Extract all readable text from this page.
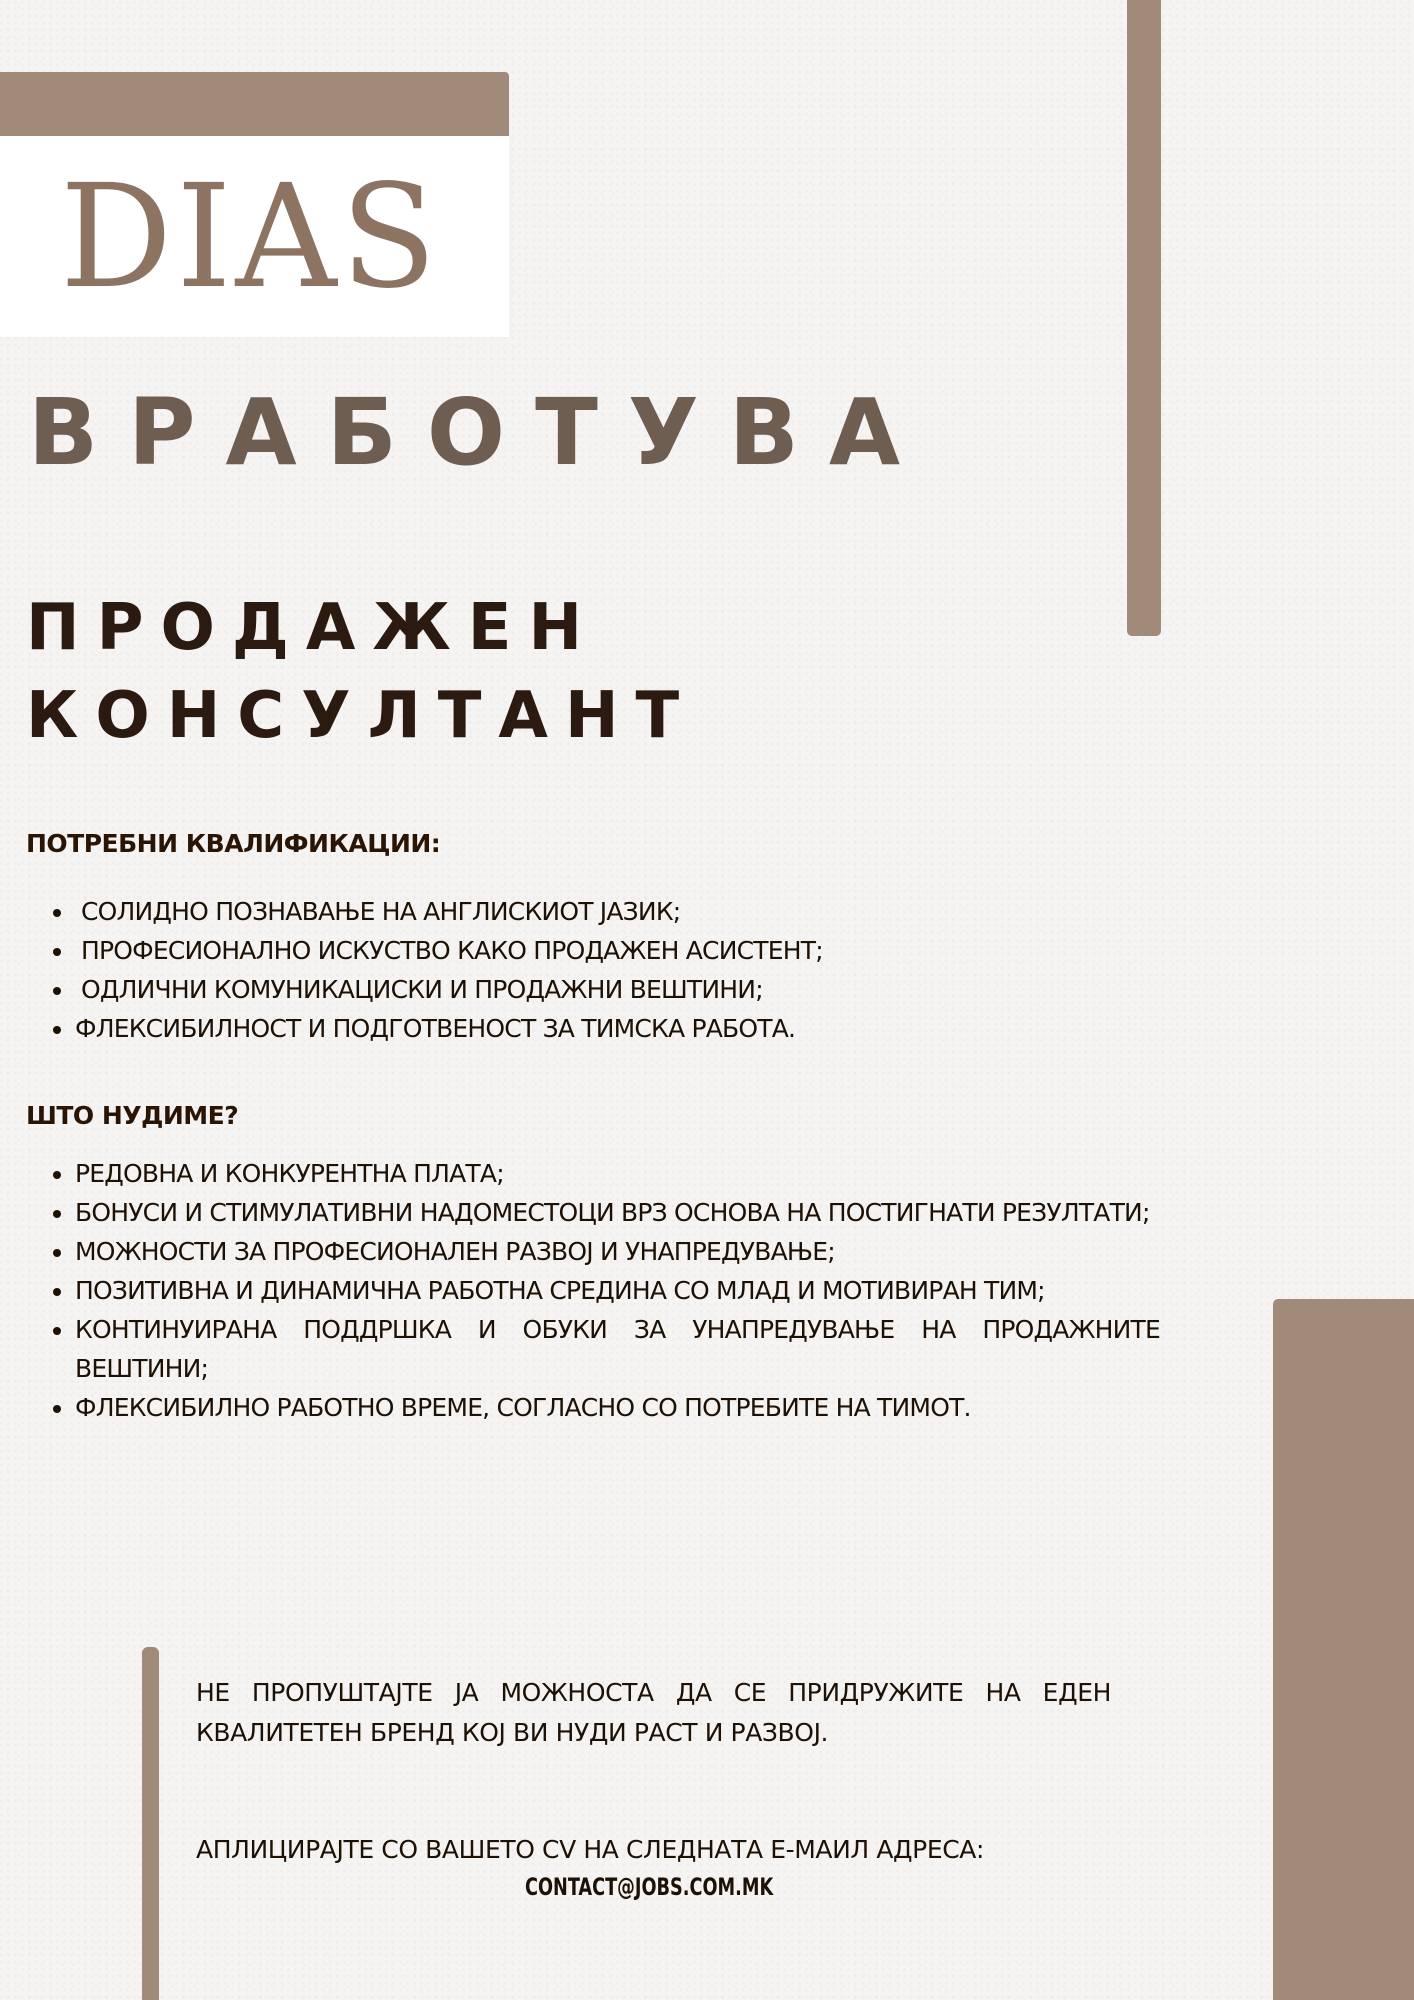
DIAS
ВРАБОТУВА
ПРОДАЖЕН
КОНСУЛТАНТ
ПОТРЕБНИ КВАЛИФИКАЦИИ:
• СОЛИДНО ПОЗНАВАЊЕ НА АНГЛИСКИОТ ЈАЗИК;
• ПРОФЕСИОНАЛНО ИСКУСТВО КАКО ПРОДАЖЕН АСИСТЕНТ;
• ОДЛИЧНИ КОМУНИКАЦИСКИ И ПРОДАЖНИ ВЕШТИНИ;
• ФЛЕКСИБИЛНОСТ И ПОДГОТВЕНОСТ ЗА ТИМСКА РАБОТА.
ШТО НУДИМЕ?
• РЕДОВНА И КОНКУРЕНТНА ПЛАТА;
• БОНУСИ И СТИМУЛАТИВНИ НАДОМЕСТОЦИ ВРЗ ОСНОВА НА ПОСТИГНАТИ РЕЗУЛТАТИ;
• МОЖНОСТИ ЗА ПРОФЕСИОНАЛЕН РАЗВОЈ И УНАПРЕДУВАЊЕ;
• ПОЗИТИВНА И ДИНАМИЧНА РАБОТНА СРЕДИНА СО МЛАД И МОТИВИРАН ТИМ;
• КОНТИНУИРАНА ПОДДРШКА И ОБУКИ ЗА УНАПРЕДУВАЊЕ НА ПРОДАЖНИТЕ ВЕШТИНИ;
• ФЛЕКСИБИЛНО РАБОТНО ВРЕМЕ, СОГЛАСНО СО ПОТРЕБИТЕ НА ТИМОТ.
НЕ ПРОПУШТАЈТЕ ЈА МОЖНОСТА ДА СЕ ПРИДРУЖИТЕ НА ЕДЕН КВАЛИТЕТЕН БРЕНД КОЈ ВИ НУДИ РАСТ И РАЗВОЈ.
АПЛИЦИРАЈТЕ СО ВАШЕТО CV НА СЛЕДНАТА Е-МАИЛ АДРЕСА:
CONTACT@JOBS.COM.MK
